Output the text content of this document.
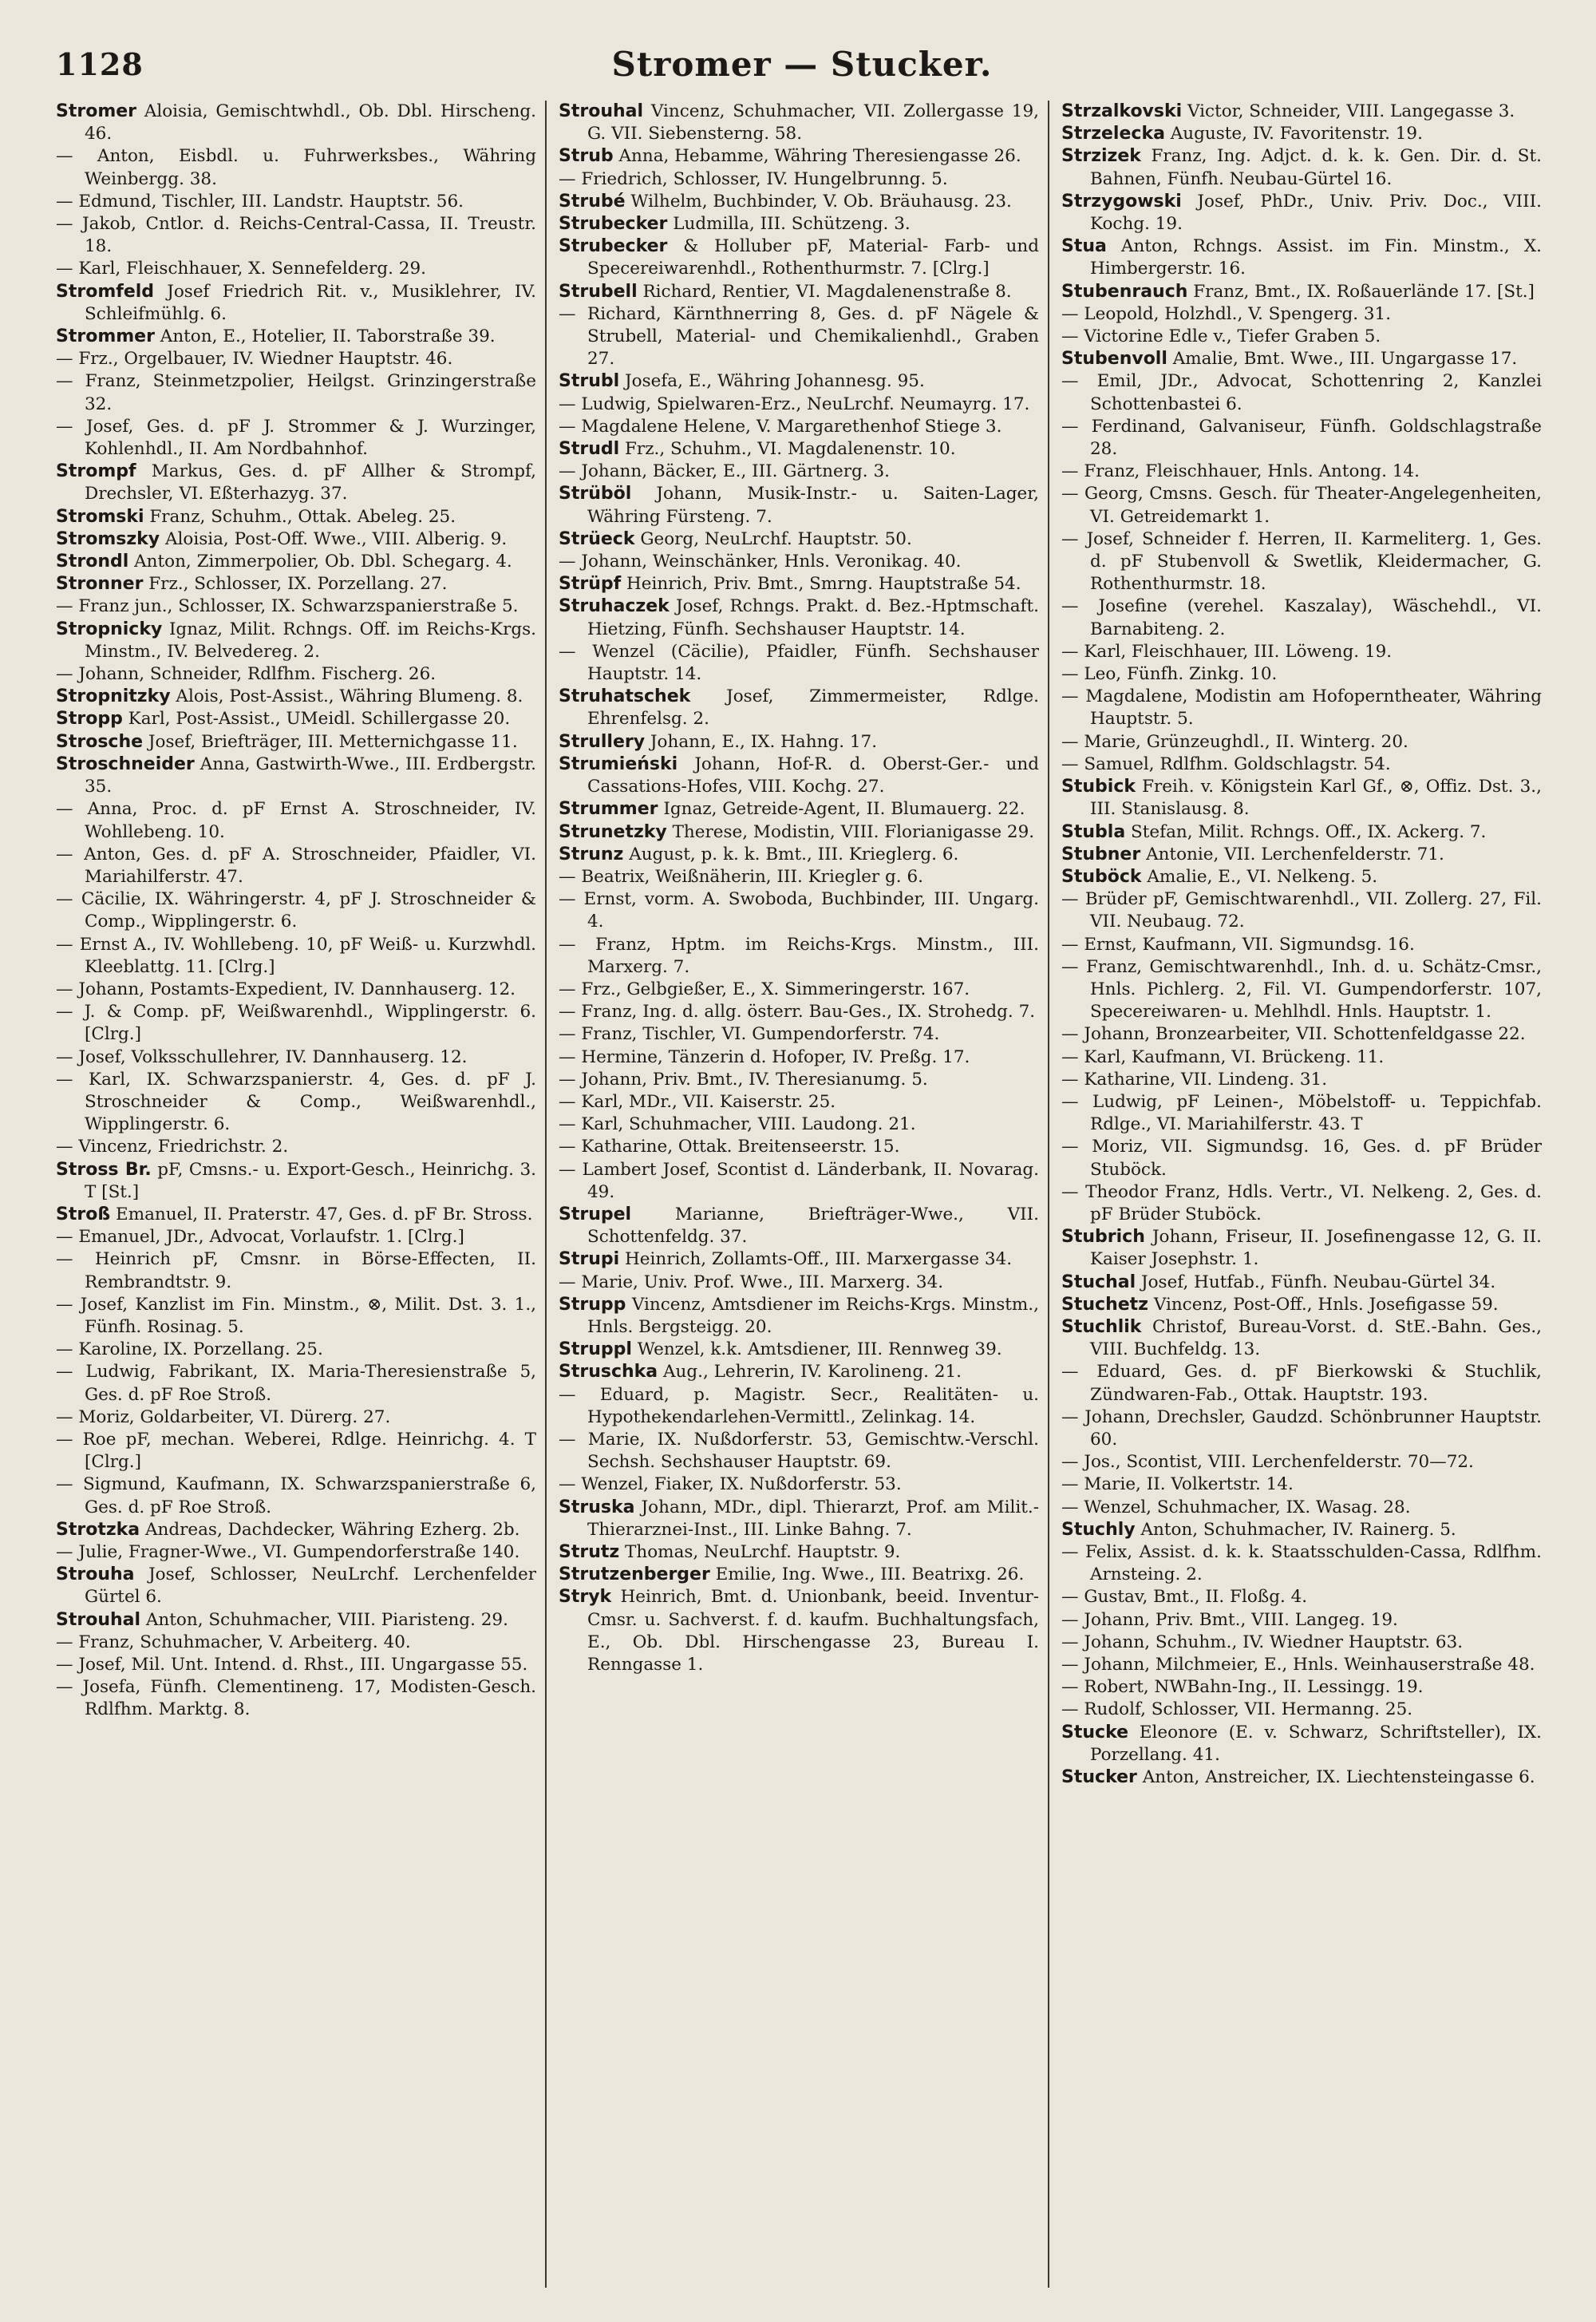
1128	Stromer — Stucker.

Stromer Aloisia, Gemischtwhdl., Ob. Dbl. Hirscheng. 46.

— Anton, Eisbdl. u. Fuhrwerksbes., Währing Weinbergg. 38.

— Edmund, Tischler, III. Landstr. Hauptstr. 56.

— Jakob, Cntlor. d. Reichs-Central-Cassa, II. Treustr. 18.

— Karl, Fleischhauer, X. Sennefelderg. 29.

Stromfeld Josef Friedrich Rit. v., Musiklehrer, IV. Schleifmühlg. 6.

Strommer Anton, E., Hotelier, II. Taborstraße 39.

— Frz., Orgelbauer, IV. Wiedner Hauptstr. 46.

— Franz, Steinmetzpolier, Heilgst. Grinzingerstraße 32.

— Josef, Ges. d. pF J. Strommer & J. Wurzinger, Kohlenhdl., II. Am Nordbahnhof.

Strompf Markus, Ges. d. pF Allher & Strompf, Drechsler, VI. Eßterhazyg. 37.

Stromski Franz, Schuhm., Ottak. Abeleg. 25.

Stromszky Aloisia, Post-Off. Wwe., VIII. Alberig. 9.

Strondl Anton, Zimmerpolier, Ob. Dbl. Schegarg. 4.

Stronner Frz., Schlosser, IX. Porzellang. 27.

— Franz jun., Schlosser, IX. Schwarzspanierstraße 5.

Stropnicky Ignaz, Milit. Rchngs. Off. im Reichs-Krgs. Minstm., IV. Belvedereg. 2.

— Johann, Schneider, Rdlfhm. Fischerg. 26.

Stropnitzky Alois, Post-Assist., Währing Blumeng. 8.

Stropp Karl, Post-Assist., UMeidl. Schillergasse 20.

Strosche Josef, Briefträger, III. Metternichgasse 11.

Stroschneider Anna, Gastwirth-Wwe., III. Erdbergstr. 35.

— Anna, Proc. d. pF Ernst A. Stroschneider, IV. Wohllebeng. 10.

— Anton, Ges. d. pF A. Stroschneider, Pfaidler, VI. Mariahilferstr. 47.

— Cäcilie, IX. Währingerstr. 4, pF J. Stroschneider & Comp., Wipplingerstr. 6.

— Ernst A., IV. Wohllebeng. 10, pF Weiß- u. Kurzwhdl. Kleeblattg. 11. [Clrg.]

— Johann, Postamts-Expedient, IV. Dannhauserg. 12.

— J. & Comp. pF, Weißwarenhdl., Wipplingerstr. 6. [Clrg.]

— Josef, Volksschullehrer, IV. Dannhauserg. 12.

— Karl, IX. Schwarzspanierstr. 4, Ges. d. pF J. Stroschneider & Comp., Weißwarenhdl., Wipplingerstr. 6.

— Vincenz, Friedrichstr. 2.

Stross Br. pF, Cmsns.- u. Export-Gesch., Heinrichg. 3. T [St.]

Stroß Emanuel, II. Praterstr. 47, Ges. d. pF Br. Stross.

— Emanuel, JDr., Advocat, Vorlaufstr. 1. [Clrg.]

— Heinrich pF, Cmsnr. in Börse-Effecten, II. Rembrandtstr. 9.

— Josef, Kanzlist im Fin. Minstm., ⊗, Milit. Dst. 3. 1., Fünfh. Rosinag. 5.

— Karoline, IX. Porzellang. 25.

— Ludwig, Fabrikant, IX. Maria-Theresienstraße 5, Ges. d. pF Roe Stroß.

— Moriz, Goldarbeiter, VI. Dürerg. 27.

— Roe pF, mechan. Weberei, Rdlge. Heinrichg. 4. T [Clrg.]

— Sigmund, Kaufmann, IX. Schwarzspanierstraße 6, Ges. d. pF Roe Stroß.

Strotzka Andreas, Dachdecker, Währing Ezherg. 2b.

— Julie, Fragner-Wwe., VI. Gumpendorferstraße 140.

Strouha Josef, Schlosser, NeuLrchf. Lerchenfelder Gürtel 6.

Strouhal Anton, Schuhmacher, VIII. Piaristeng. 29.

— Franz, Schuhmacher, V. Arbeiterg. 40.

— Josef, Mil. Unt. Intend. d. Rhst., III. Ungargasse 55.

— Josefa, Fünfh. Clementineng. 17, Modisten-Gesch. Rdlfhm. Marktg. 8.

Strouhal Vincenz, Schuhmacher, VII. Zollergasse 19, G. VII. Siebensterng. 58.

Strub Anna, Hebamme, Währing Theresiengasse 26.

— Friedrich, Schlosser, IV. Hungelbrunng. 5.

Strubé Wilhelm, Buchbinder, V. Ob. Bräuhausg. 23.

Strubecker Ludmilla, III. Schützeng. 3.

Strubecker & Holluber pF, Material- Farb- und Specereiwarenhdl., Rothenthurmstr. 7. [Clrg.]

Strubell Richard, Rentier, VI. Magdalenenstraße 8.

— Richard, Kärnthnerring 8, Ges. d. pF Nägele & Strubell, Material- und Chemikalienhdl., Graben 27.

Strubl Josefa, E., Währing Johannesg. 95.

— Ludwig, Spielwaren-Erz., NeuLrchf. Neumayrg. 17.

— Magdalene Helene, V. Margarethenhof Stiege 3.

Strudl Frz., Schuhm., VI. Magdalenenstr. 10.

— Johann, Bäcker, E., III. Gärtnerg. 3.

Strüböl Johann, Musik-Instr.- u. Saiten-Lager, Währing Fürsteng. 7.

Strüeck Georg, NeuLrchf. Hauptstr. 50.

— Johann, Weinschänker, Hnls. Veronikag. 40.

Strüpf Heinrich, Priv. Bmt., Smrng. Hauptstraße 54.

Struhaczek Josef, Rchngs. Prakt. d. Bez.-Hptmschaft. Hietzing, Fünfh. Sechshauser Hauptstr. 14.

— Wenzel (Cäcilie), Pfaidler, Fünfh. Sechshauser Hauptstr. 14.

Struhatschek Josef, Zimmermeister, Rdlge. Ehrenfelsg. 2.

Strullery Johann, E., IX. Hahng. 17.

Strumieński Johann, Hof-R. d. Oberst-Ger.- und Cassations-Hofes, VIII. Kochg. 27.

Strummer Ignaz, Getreide-Agent, II. Blumauerg. 22.

Strunetzky Therese, Modistin, VIII. Florianigasse 29.

Strunz August, p. k. k. Bmt., III. Krieglerg. 6.

— Beatrix, Weißnäherin, III. Kriegler g. 6.

— Ernst, vorm. A. Swoboda, Buchbinder, III. Ungarg. 4.

— Franz, Hptm. im Reichs-Krgs. Minstm., III. Marxerg. 7.

— Frz., Gelbgießer, E., X. Simmeringerstr. 167.

— Franz, Ing. d. allg. österr. Bau-Ges., IX. Strohedg. 7.

— Franz, Tischler, VI. Gumpendorferstr. 74.

— Hermine, Tänzerin d. Hofoper, IV. Preßg. 17.

— Johann, Priv. Bmt., IV. Theresianumg. 5.

— Karl, MDr., VII. Kaiserstr. 25.

— Karl, Schuhmacher, VIII. Laudong. 21.

— Katharine, Ottak. Breitenseerstr. 15.

— Lambert Josef, Scontist d. Länderbank, II. Novarag. 49.

Strupel	Marianne, Briefträger-Wwe., VII. Schottenfeldg. 37.

Strupi Heinrich, Zollamts-Off., III. Marxergasse 34.

— Marie, Univ. Prof. Wwe., III. Marxerg. 34.

Strupp Vincenz, Amtsdiener im Reichs-Krgs. Minstm., Hnls. Bergsteigg. 20.

Struppl Wenzel, k.k. Amtsdiener, III. Rennweg 39.

Struschka Aug., Lehrerin, IV. Karolineng. 21.

— Eduard, p. Magistr. Secr., Realitäten- u. Hypothekendarlehen-Vermittl., Zelinkag. 14.

— Marie, IX. Nußdorferstr. 53, Gemischtw.-Verschl. Sechsh. Sechshauser Hauptstr. 69.

— Wenzel, Fiaker, IX. Nußdorferstr. 53.

Struska Johann, MDr., dipl. Thierarzt, Prof. am Milit.-Thierarznei-Inst., III. Linke Bahng. 7.

Strutz Thomas, NeuLrchf. Hauptstr. 9.

Strutzenberger Emilie, Ing. Wwe., III. Beatrixg. 26.

Stryk Heinrich, Bmt. d. Unionbank, beeid. Inventur-Cmsr. u. Sachverst. f. d. kaufm. Buchhaltungsfach, E., Ob. Dbl. Hirschengasse 23, Bureau I. Renngasse 1.

Strzalkovski Victor, Schneider, VIII. Langegasse 3.

Strzelecka Auguste, IV. Favoritenstr. 19.

Strzizek Franz, Ing. Adjct. d. k. k. Gen. Dir. d. St. Bahnen, Fünfh. Neubau-Gürtel 16.

Strzygowski Josef, PhDr., Univ. Priv. Doc., VIII. Kochg. 19.

Stua Anton, Rchngs. Assist. im Fin. Minstm., X. Himbergerstr. 16.

Stubenrauch Franz, Bmt., IX. Roßauerlände 17. [St.]

— Leopold, Holzhdl., V. Spengerg. 31.

— Victorine Edle v., Tiefer Graben 5.

Stubenvoll Amalie, Bmt. Wwe., III. Ungargasse 17.

— Emil, JDr., Advocat, Schottenring 2, Kanzlei Schottenbastei 6.

— Ferdinand, Galvaniseur, Fünfh. Goldschlagstraße 28.

— Franz, Fleischhauer, Hnls. Antong. 14.

— Georg, Cmsns. Gesch. für Theater-Angelegenheiten, VI. Getreidemarkt 1.

— Josef, Schneider f. Herren, II. Karmeliterg. 1, Ges. d. pF Stubenvoll & Swetlik, Kleidermacher, G. Rothenthurmstr. 18.

— Josefine (verehel. Kaszalay), Wäschehdl., VI. Barnabiteng. 2.

— Karl, Fleischhauer, III. Löweng. 19.

— Leo, Fünfh. Zinkg. 10.

— Magdalene, Modistin am Hofoperntheater, Währing Hauptstr. 5.

— Marie, Grünzeughdl., II. Winterg. 20.

— Samuel, Rdlfhm. Goldschlagstr. 54.

Stubick Freih. v. Königstein Karl Gf., ⊗, Offiz. Dst. 3., III. Stanislausg. 8.

Stubla Stefan, Milit. Rchngs. Off., IX. Ackerg. 7.

Stubner Antonie, VII. Lerchenfelderstr. 71.

Stuböck Amalie, E., VI. Nelkeng. 5.

— Brüder pF, Gemischtwarenhdl., VII. Zollerg. 27, Fil. VII. Neubaug. 72.

— Ernst, Kaufmann, VII. Sigmundsg. 16.

— Franz, Gemischtwarenhdl., Inh. d. u. Schätz-Cmsr., Hnls. Pichlerg. 2, Fil. VI. Gumpendorferstr. 107, Specereiwaren- u. Mehlhdl. Hnls. Hauptstr. 1.

— Johann, Bronzearbeiter, VII. Schottenfeldgasse 22.

— Karl, Kaufmann, VI. Brückeng. 11.

— Katharine, VII. Lindeng. 31.

— Ludwig, pF Leinen-, Möbelstoff- u. Teppichfab. Rdlge., VI. Mariahilferstr. 43. T

— Moriz, VII. Sigmundsg. 16, Ges. d. pF Brüder Stuböck.

— Theodor Franz, Hdls. Vertr., VI. Nelkeng. 2, Ges. d. pF Brüder Stuböck.

Stubrich Johann, Friseur, II. Josefinengasse 12, G. II. Kaiser Josephstr. 1.

Stuchal Josef, Hutfab., Fünfh. Neubau-Gürtel 34.

Stuchetz Vincenz, Post-Off., Hnls. Josefigasse 59.

Stuchlik Christof, Bureau-Vorst. d. StE.-Bahn. Ges., VIII. Buchfeldg. 13.

— Eduard, Ges. d. pF Bierkowski & Stuchlik, Zündwaren-Fab., Ottak. Hauptstr. 193.

— Johann, Drechsler, Gaudzd. Schönbrunner Hauptstr. 60.

— Jos., Scontist, VIII. Lerchenfelderstr. 70—72.

— Marie, II. Volkertstr. 14.

— Wenzel, Schuhmacher, IX. Wasag. 28.

Stuchly Anton, Schuhmacher, IV. Rainerg. 5.

— Felix, Assist. d. k. k. Staatsschulden-Cassa, Rdlfhm. Arnsteing. 2.

— Gustav, Bmt., II. Floßg. 4.

— Johann, Priv. Bmt., VIII. Langeg. 19.

— Johann, Schuhm., IV. Wiedner Hauptstr. 63.

— Johann, Milchmeier, E., Hnls. Weinhauserstraße 48.

— Robert, NWBahn-Ing., II. Lessingg. 19.

— Rudolf, Schlosser, VII. Hermanng. 25.

Stucke Eleonore (E. v. Schwarz, Schriftsteller), IX. Porzellang. 41.

Stucker Anton, Anstreicher, IX. Liechtensteingasse 6.
